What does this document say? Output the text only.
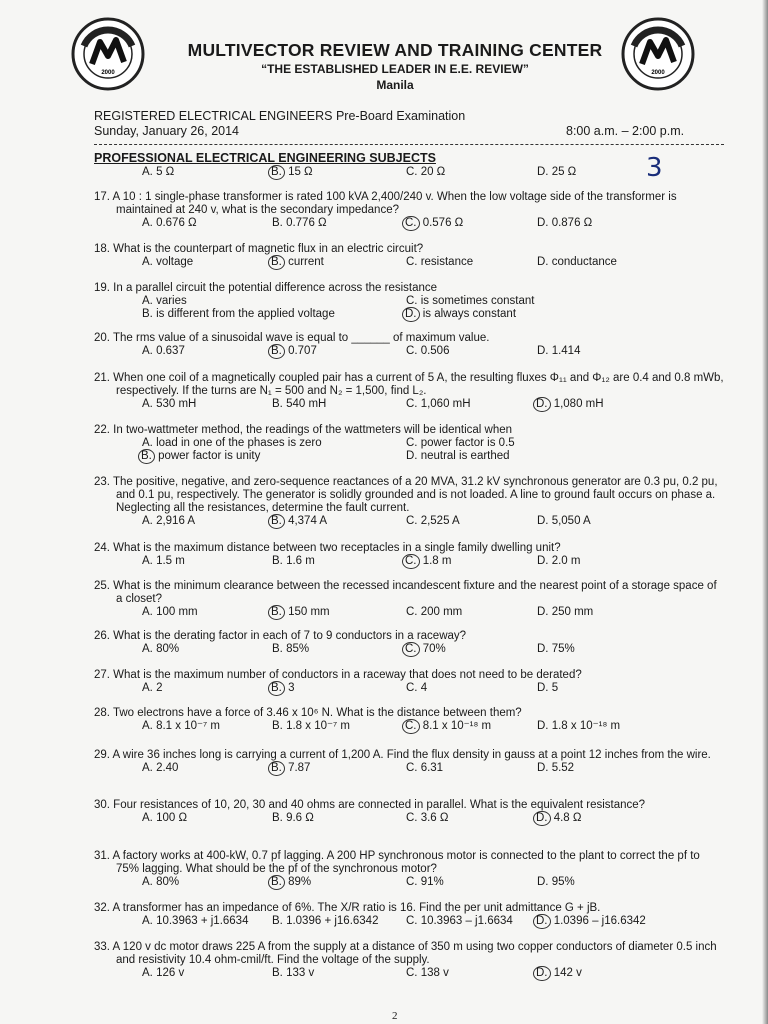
2000	2000
MULTIVECTOR REVIEW AND TRAINING CENTER
“THE ESTABLISHED LEADER IN E.E. REVIEW”
Manila
REGISTERED ELECTRICAL ENGINEERS Pre-Board Examination
Sunday, January 26, 2014	8:00 a.m. – 2:00 p.m.
PROFESSIONAL ELECTRICAL ENGINEERING SUBJECTS	3
A. 5 Ω	B. 15 Ω	C. 20 Ω	D. 25 Ω
17. A 10 : 1 single-phase transformer is rated 100 kVA 2,400/240 v. When the low voltage side of the transformer is maintained at 240 v, what is the secondary impedance?
A. 0.676 Ω	B. 0.776 Ω	C. 0.576 Ω	D. 0.876 Ω
18. What is the counterpart of magnetic flux in an electric circuit?
A. voltage	B. current	C. resistance	D. conductance
19. In a parallel circuit the potential difference across the resistance
A. varies	C. is sometimes constant
B. is different from the applied voltage	D. is always constant
20. The rms value of a sinusoidal wave is equal to ______ of maximum value.
A. 0.637	B. 0.707	C. 0.506	D. 1.414
21. When one coil of a magnetically coupled pair has a current of 5 A, the resulting fluxes Φ₁₁ and Φ₁₂ are 0.4 and 0.8 mWb, respectively. If the turns are N₁ = 500 and N₂ = 1,500, find L₂.
A. 530 mH	B. 540 mH	C. 1,060 mH	D. 1,080 mH
22. In two-wattmeter method, the readings of the wattmeters will be identical when
A. load in one of the phases is zero	C. power factor is 0.5
B. power factor is unity	D. neutral is earthed
23. The positive, negative, and zero-sequence reactances of a 20 MVA, 31.2 kV synchronous generator are 0.3 pu, 0.2 pu, and 0.1 pu, respectively. The generator is solidly grounded and is not loaded. A line to ground fault occurs on phase a. Neglecting all the resistances, determine the fault current.
A. 2,916 A	B. 4,374 A	C. 2,525 A	D. 5,050 A
24. What is the maximum distance between two receptacles in a single family dwelling unit?
A. 1.5 m	B. 1.6 m	C. 1.8 m	D. 2.0 m
25. What is the minimum clearance between the recessed incandescent fixture and the nearest point of a storage space of a closet?
A. 100 mm	B. 150 mm	C. 200 mm	D. 250 mm
26. What is the derating factor in each of 7 to 9 conductors in a raceway?
A. 80%	B. 85%	C. 70%	D. 75%
27. What is the maximum number of conductors in a raceway that does not need to be derated?
A. 2	B. 3	C. 4	D. 5
28. Two electrons have a force of 3.46 x 10⁶ N. What is the distance between them?
A. 8.1 x 10⁻⁷ m	B. 1.8 x 10⁻⁷ m	C. 8.1 x 10⁻¹⁸ m	D. 1.8 x 10⁻¹⁸ m
29. A wire 36 inches long is carrying a current of 1,200 A. Find the flux density in gauss at a point 12 inches from the wire.
A. 2.40	B. 7.87	C. 6.31	D. 5.52
30. Four resistances of 10, 20, 30 and 40 ohms are connected in parallel. What is the equivalent resistance?
A. 100 Ω	B. 9.6 Ω	C. 3.6 Ω	D. 4.8 Ω
31. A factory works at 400-kW, 0.7 pf lagging. A 200 HP synchronous motor is connected to the plant to correct the pf to 75% lagging. What should be the pf of the synchronous motor?
A. 80%	B. 89%	C. 91%	D. 95%
32. A transformer has an impedance of 6%. The X/R ratio is 16. Find the per unit admittance G + jB.
A. 10.3963 + j1.6634 B. 1.0396 + j16.6342 C. 10.3963 – j1.6634 D. 1.0396 – j16.6342
33. A 120 v dc motor draws 225 A from the supply at a distance of 350 m using two copper conductors of diameter 0.5 inch and resistivity 10.4 ohm-cmil/ft. Find the voltage of the supply.
A. 126 v	B. 133 v	C. 138 v	D. 142 v
2
